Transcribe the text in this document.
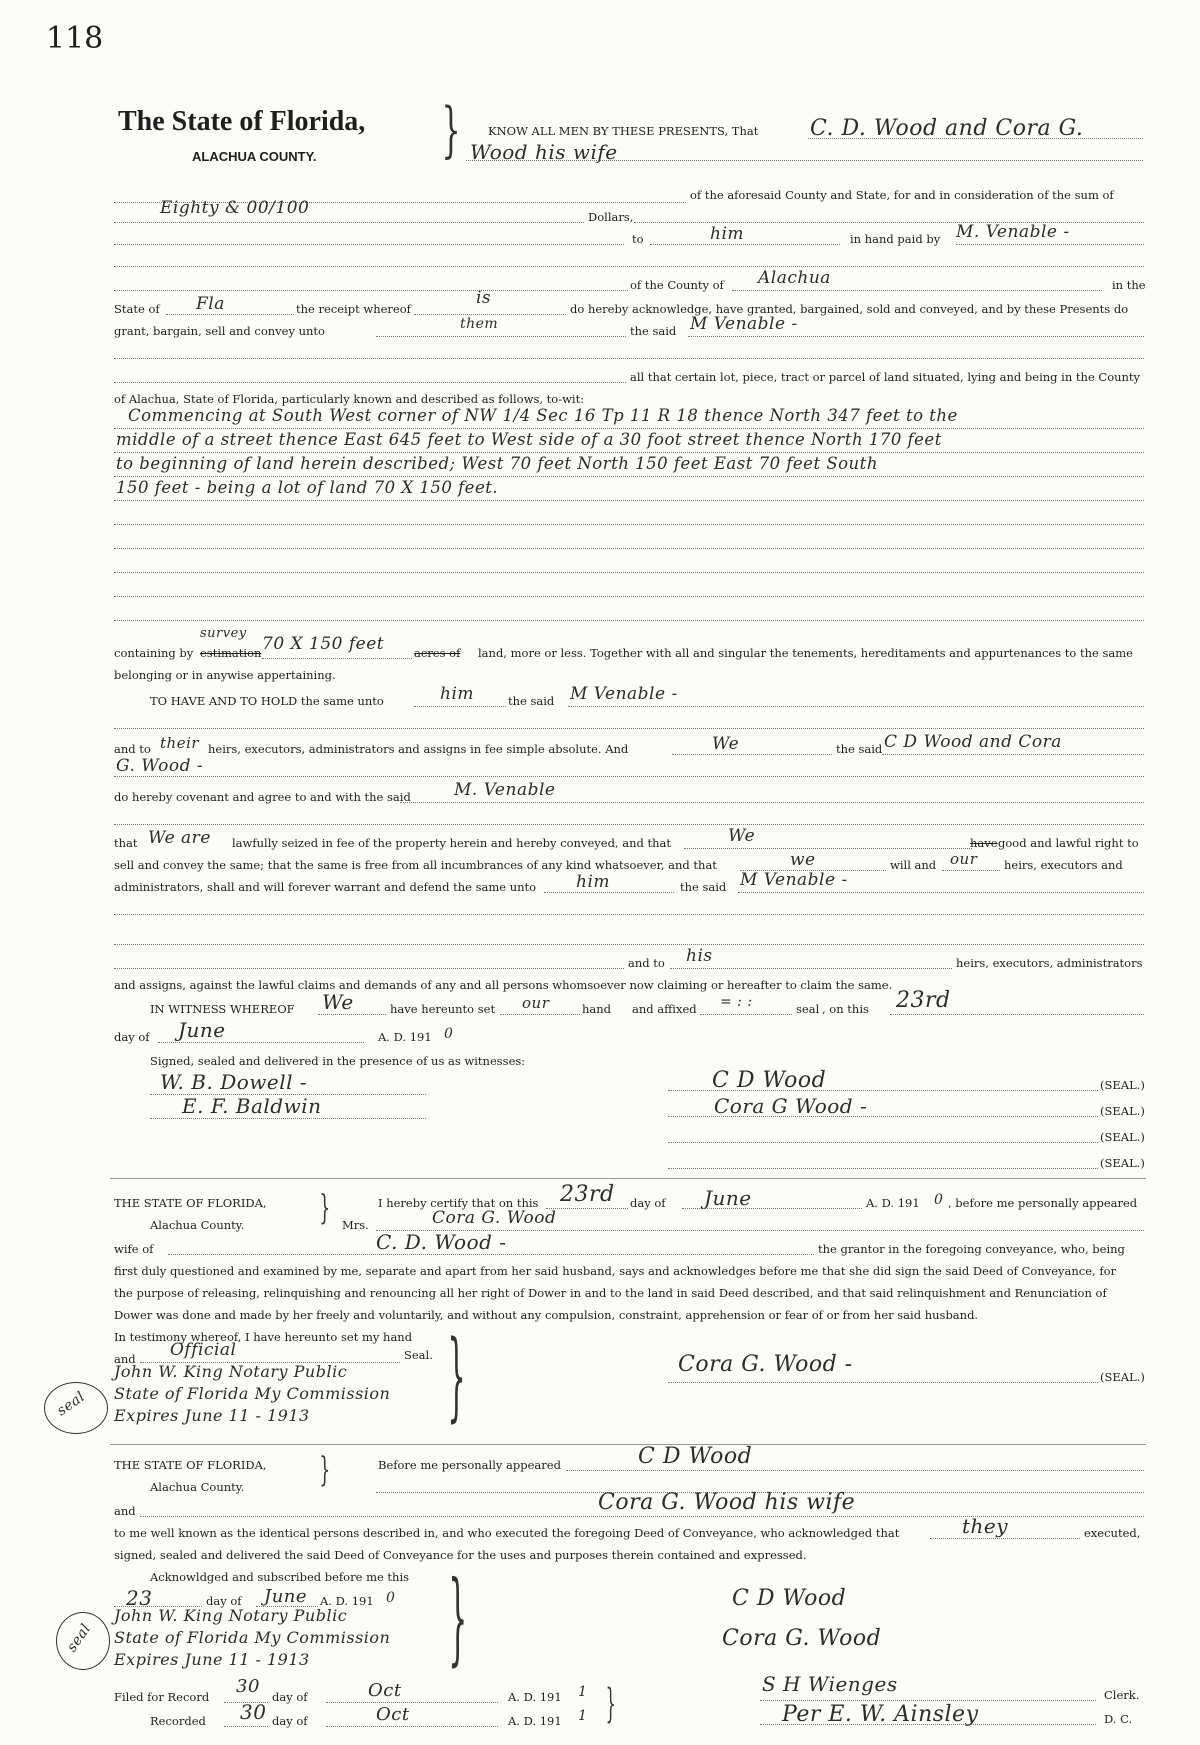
118
The State of Florida,
ALACHUA COUNTY. } KNOW ALL MEN BY THESE PRESENTS, That C. D. Wood and Cora G.
Wood his wife
of the aforesaid County and State, for and in consideration of the sum of
Eighty & 00/100	Dollars,
to	him	in hand paid by M. Venable -
of the County of Alachua	in the
State of Fla	the receipt whereof
is
do hereby acknowledge, have granted, bargained, sold and conveyed, and by these Presents do
grant, bargain, sell and convey unto	them	the said M Venable -
all that certain lot, piece, tract or parcel of land situated, lying and being in the County
of Alachua, State of Florida, particularly known and described as follows, to-wit:
Commencing at South West corner of NW 1/4 Sec 16 Tp 11 R 18 thence North 347 feet to the
middle of a street thence East 645 feet to West side of a 30 foot street thence North 170 feet
to beginning of land herein described; West 70 feet North 150 feet East 70 feet South
150 feet - being a lot of land 70 X 150 feet.
containing by estimation
survey
70 X 150 feet	acres of land, more or less. Together with all and singular the tenements, hereditaments and appurtenances to the same
belonging or in anywise appertaining.
TO HAVE AND TO HOLD the same unto	him	the said M Venable -
and to their heirs, executors, administrators and assigns in fee simple absolute. And	We	the said C D Wood and Cora
G. Wood -
do hereby covenant and agree to and with the said	M. Venable
that We are lawfully seized in fee of the property herein and hereby conveyed, and that	We	have good and lawful right to
sell and convey the same; that the same is free from all incumbrances of any kind whatsoever, and that	we	will and our heirs, executors and
administrators, shall and will forever warrant and defend the same unto him	the said M Venable -
and to his	heirs, executors, administrators
and assigns, against the lawful claims and demands of any and all persons whomsoever now claiming or hereafter to claim the same.
IN WITNESS WHEREOF We	have hereunto set our	hand and affixed = : :	seal , on this 23rd
day of June	A. D. 191 0
Signed, sealed and delivered in the presence of us as witnesses:
W. B. Dowell -
E. F. Baldwin
C D Wood	(SEAL.)
Cora G Wood -	(SEAL.)
(SEAL.)
(SEAL.)
THE STATE OF FLORIDA, }	I hereby certify that on this 23rd day of June	A. D. 191 0 , before me personally appeared
Alachua County.	Mrs.	Cora G. Wood
wife of	C. D. Wood -	the grantor in the foregoing conveyance, who, being
first duly questioned and examined by me, separate and apart from her said husband, says and acknowledges before me that she did sign the said Deed of Conveyance, for
the purpose of releasing, relinquishing and renouncing all her right of Dower in and to the land in said Deed described, and that said relinquishment and Renunciation of
Dower was done and made by her freely and voluntarily, and without any compulsion, constraint, apprehension or fear of or from her said husband.
In testimony whereof, I have hereunto set my hand
and Official	Seal.
John W. King Notary Public
State of Florida My Commission
Expires June 11 - 1913 }
seal
Cora G. Wood -	(SEAL.)
THE STATE OF FLORIDA, }	Before me personally appeared	C D Wood
Alachua County.
and	Cora G. Wood his wife
to me well known as the identical persons described in, and who executed the foregoing Deed of Conveyance, who acknowledged that	they	executed,
signed, sealed and delivered the said Deed of Conveyance for the uses and purposes therein contained and expressed.
Acknowldged and subscribed before me this
23	day of June A. D. 191 0
John W. King Notary Public
State of Florida My Commission
Expires June 11 - 1913 }
seal
C D Wood
Cora G. Wood
Filed for Record 30 day of	Oct	A. D. 191 1
Recorded 30 day of	Oct	A. D. 191 1 }	S H Wienges	Clerk.
Per E. W. Ainsley	D. C.
